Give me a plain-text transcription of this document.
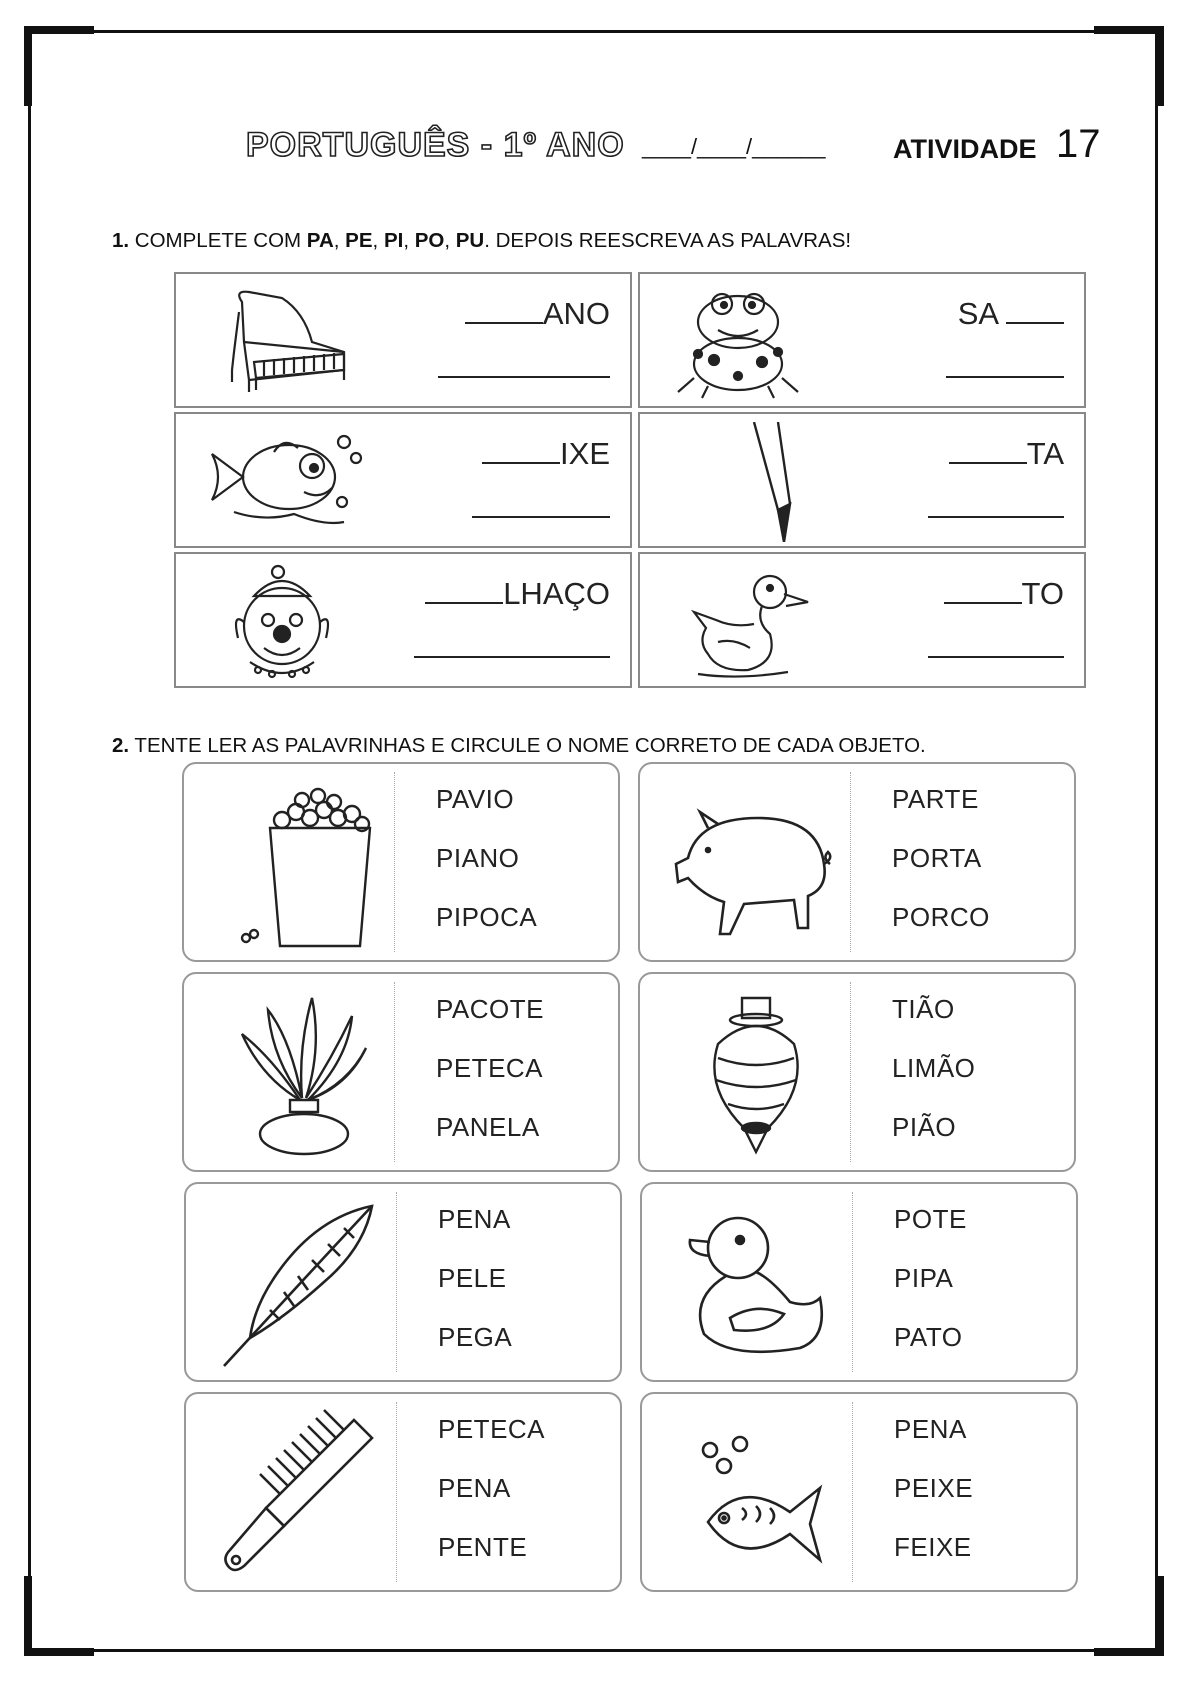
PORTUGUÊS - 1º ANO ____/____/______ ATIVIDADE 17
1. COMPLETE COM PA, PE, PI, PO, PU. DEPOIS REESCREVA AS PALAVRAS!
ANO	SA
IXE	TA
LHAÇO	TO
2. TENTE LER AS PALAVRINHAS E CIRCULE O NOME CORRETO DE CADA OBJETO.
PAVIO
PIANO
PIPOCA
PARTE
PORTA
PORCO
PACOTE
PETECA
PANELA
TIÃO
LIMÃO
PIÃO
PENA
PELE
PEGA
POTE
PIPA
PATO
PETECA
PENA
PENTE
PENA
PEIXE
FEIXE
